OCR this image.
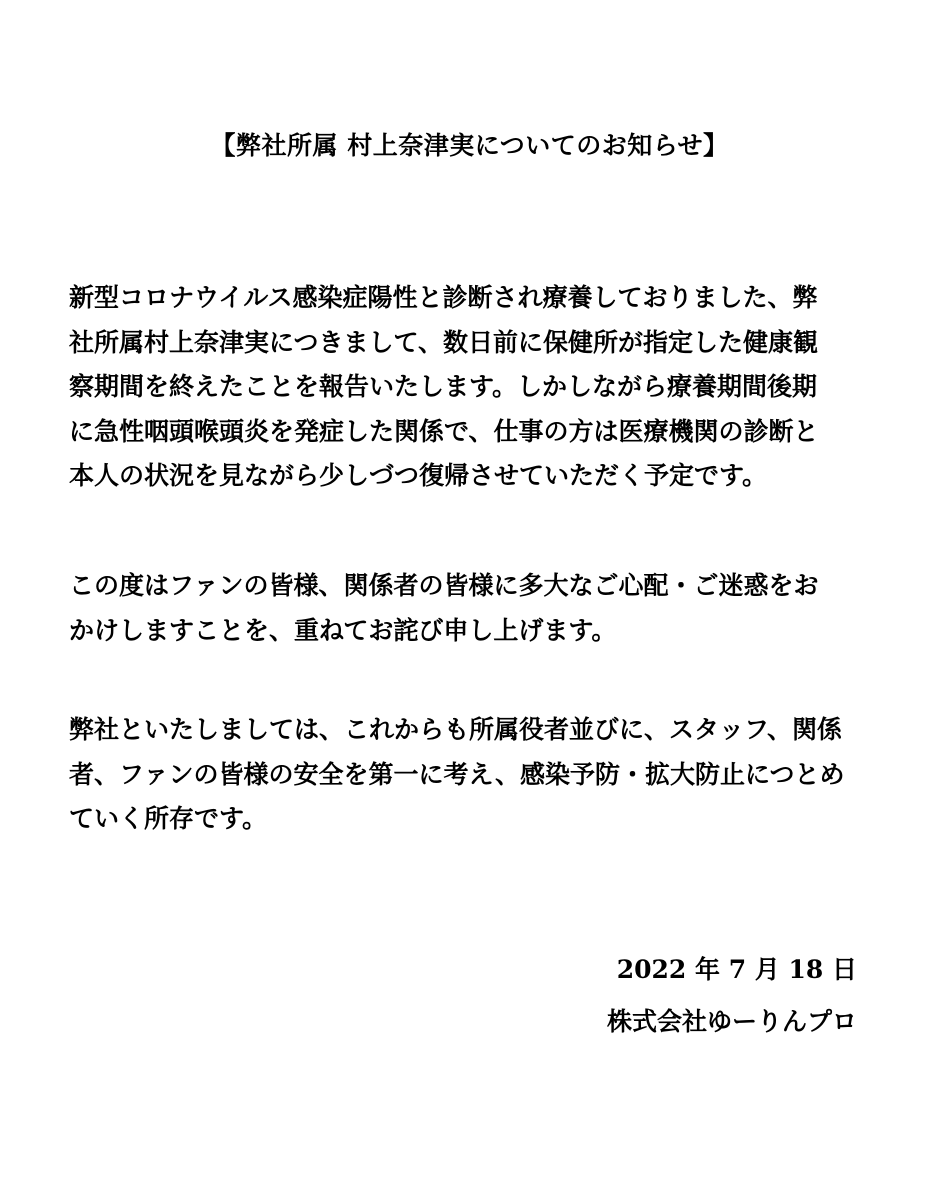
【弊社所属 村上奈津実についてのお知らせ】
新型コロナウイルス感染症陽性と診断され療養しておりました、弊
社所属村上奈津実につきまして、数日前に保健所が指定した健康観
察期間を終えたことを報告いたします。しかしながら療養期間後期
に急性咽頭喉頭炎を発症した関係で、仕事の方は医療機関の診断と
本人の状況を見ながら少しづつ復帰させていただく予定です。
この度はファンの皆様、関係者の皆様に多大なご心配・ご迷惑をお
かけしますことを、重ねてお詫び申し上げます。
弊社といたしましては、これからも所属役者並びに、スタッフ、関係
者、ファンの皆様の安全を第一に考え、感染予防・拡大防止につとめ
ていく所存です。
2022 年 7 月 18 日
株式会社ゆーりんプロ
